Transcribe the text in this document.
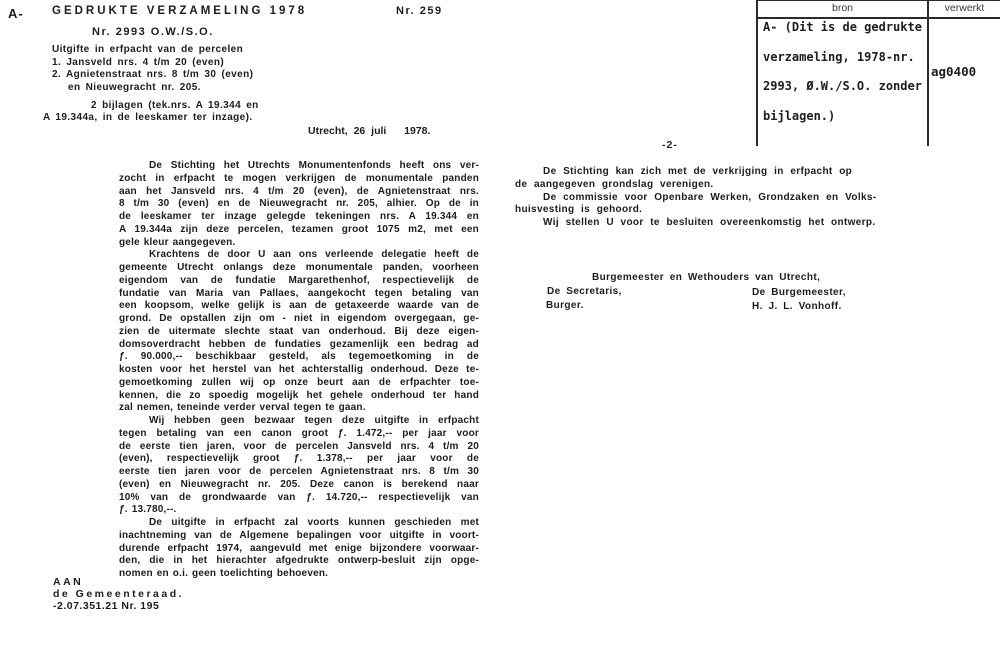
A- GEDRUKTE VERZAMELING 1978	Nr. 259
Nr. 2993 O.W./S.O.
Uitgifte in erfpacht van de percelen
1. Jansveld nrs. 4 t/m 20 (even)
2. Agnietenstraat nrs. 8 t/m 30 (even)
en Nieuwegracht nr. 205.
2 bijlagen (tek.nrs. A 19.344 en
A 19.344a, in de leeskamer ter inzage).
Utrecht, 26 juli   1978.
bron	verwerkt
A- (Dit is de gedrukte

verzameling, 1978-nr.

2993, Ø.W./S.O. zonder

bijlagen.)
ag0400
De Stichting het Utrechts Monumentenfonds heeft ons ver-
zocht in erfpacht te mogen verkrijgen de monumentale panden
aan het Jansveld nrs. 4 t/m 20 (even), de Agnietenstraat nrs.
8 t/m 30 (even) en de Nieuwegracht nr. 205, alhier. Op de in
de leeskamer ter inzage gelegde tekeningen nrs. A 19.344 en
A 19.344a zijn deze percelen, tezamen groot 1075 m2, met een
gele kleur aangegeven.
Krachtens de door U aan ons verleende delegatie heeft de
gemeente Utrecht onlangs deze monumentale panden, voorheen
eigendom van de fundatie Margarethenhof, respectievelijk de
fundatie van Maria van Pallaes, aangekocht tegen betaling van
een koopsom, welke gelijk is aan de getaxeerde waarde van de
grond. De opstallen zijn om - niet in eigendom overgegaan, ge-
zien de uitermate slechte staat van onderhoud. Bij deze eigen-
domsoverdracht hebben de fundaties gezamenlijk een bedrag ad
ƒ. 90.000,-- beschikbaar gesteld, als tegemoetkoming in de
kosten voor het herstel van het achterstallig onderhoud. Deze te-
gemoetkoming zullen wij op onze beurt aan de erfpachter toe-
kennen, die zo spoedig mogelijk het gehele onderhoud ter hand
zal nemen, teneinde verder verval tegen te gaan.
Wij hebben geen bezwaar tegen deze uitgifte in erfpacht
tegen betaling van een canon groot ƒ. 1.472,-- per jaar voor
de eerste tien jaren, voor de percelen Jansveld nrs. 4 t/m 20
(even), respectievelijk groot ƒ. 1.378,-- per jaar voor de
eerste tien jaren voor de percelen Agnietenstraat nrs. 8 t/m 30
(even) en Nieuwegracht nr. 205. Deze canon is berekend naar
10% van de grondwaarde van ƒ. 14.720,-- respectievelijk van
ƒ. 13.780,--.
De uitgifte in erfpacht zal voorts kunnen geschieden met
inachtneming van de Algemene bepalingen voor uitgifte in voort-
durende erfpacht 1974, aangevuld met enige bijzondere voorwaar-
den, die in het hierachter afgedrukte ontwerp-besluit zijn opge-
nomen en o.i. geen toelichting behoeven.
AAN
de Gemeenteraad.
-2.07.351.21 Nr. 195
-2-
De Stichting kan zich met de verkrijging in erfpacht op
de aangegeven grondslag verenigen.
De commissie voor Openbare Werken, Grondzaken en Volks-
huisvesting is gehoord.
Wij stellen U voor te besluiten overeenkomstig het ontwerp.
Burgemeester en Wethouders van Utrecht,
De Secretaris,	De Burgemeester,
Burger.	H. J. L. Vonhoff.
